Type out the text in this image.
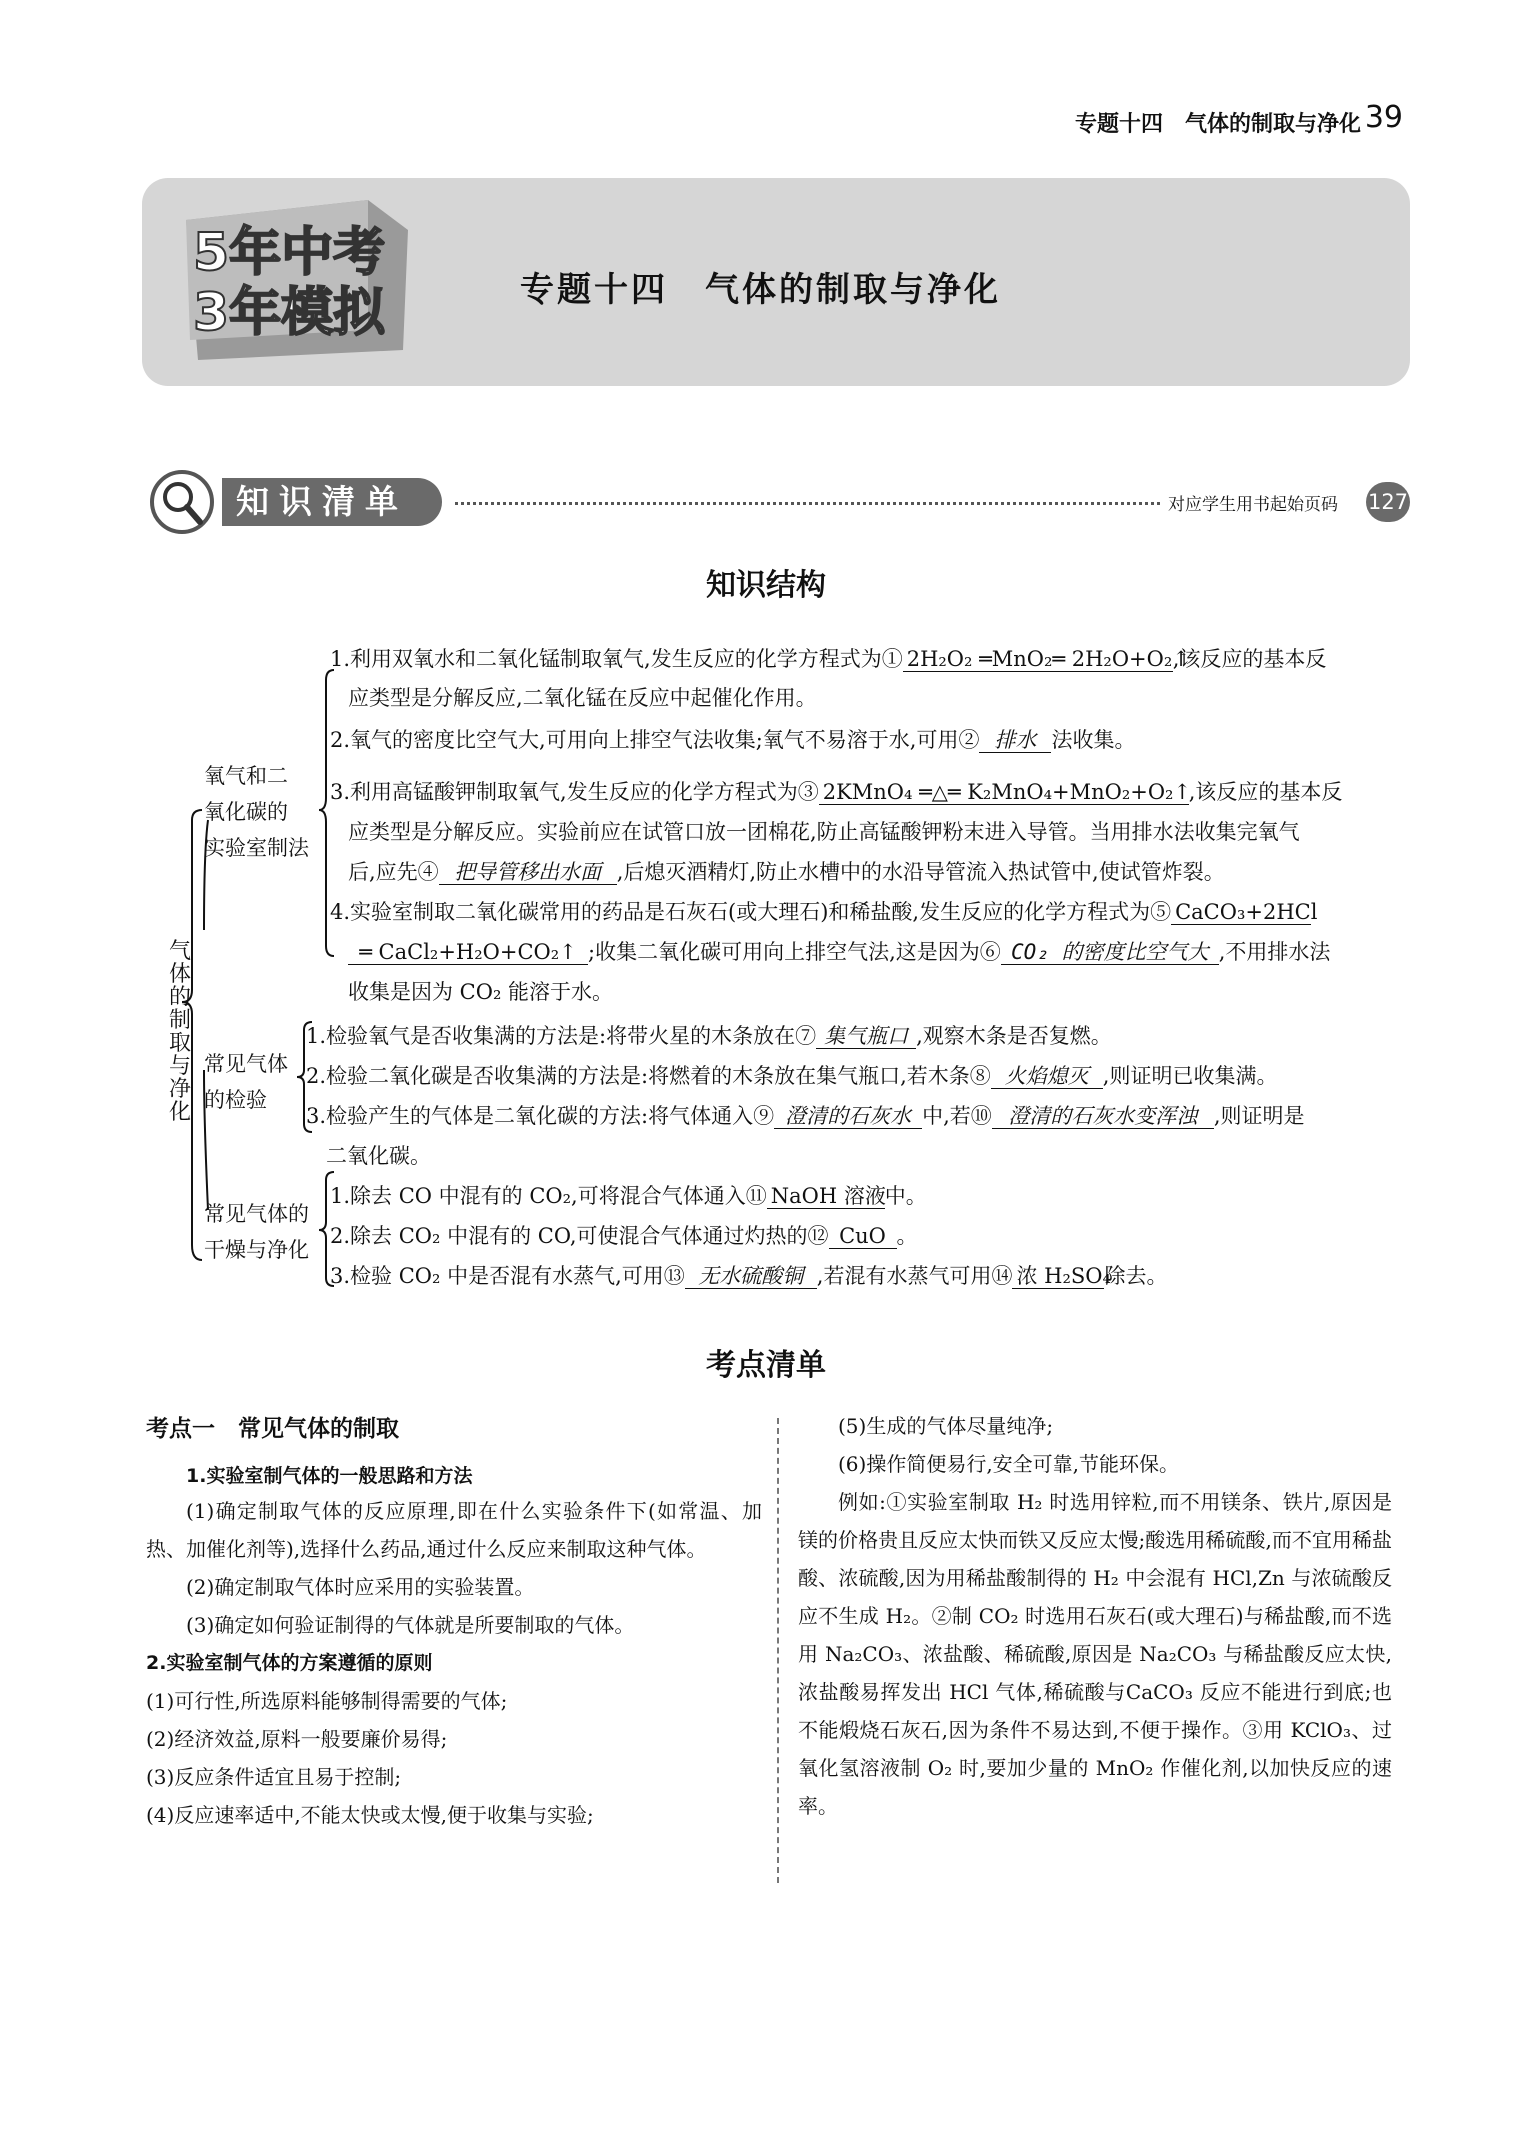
专题十四　气体的制取与净化 39
5年中考
3年模拟	专题十四　气体的制取与净化
知识清单	对应学生用书起始页码 127
知识结构
气体的制取与净化
氧气和二
氧化碳的
实验室制法
常见气体
的检验
常见气体的
干燥与净化
1.利用双氧水和二氧化锰制取氧气,发生反应的化学方程式为① 2H₂O₂ ═MnO₂═ 2H₂O+O₂↑,该反应的基本反
应类型是分解反应,二氧化锰在反应中起催化作用。
2.氧气的密度比空气大,可用向上排空气法收集;氧气不易溶于水,可用② 排水 法收集。
3.利用高锰酸钾制取氧气,发生反应的化学方程式为③ 2KMnO₄ ═△═ K₂MnO₄+MnO₂+O₂↑,该反应的基本反
应类型是分解反应。实验前应在试管口放一团棉花,防止高锰酸钾粉末进入导管。当用排水法收集完氧气
后,应先④ 把导管移出水面 ,后熄灭酒精灯,防止水槽中的水沿导管流入热试管中,使试管炸裂。
4.实验室制取二氧化碳常用的药品是石灰石(或大理石)和稀盐酸,发生反应的化学方程式为⑤ CaCO₃+2HCl
═ CaCl₂+H₂O+CO₂↑ ;收集二氧化碳可用向上排空气法,这是因为⑥ CO₂ 的密度比空气大 ,不用排水法
收集是因为 CO₂ 能溶于水。
1.检验氧气是否收集满的方法是:将带火星的木条放在⑦ 集气瓶口 ,观察木条是否复燃。
2.检验二氧化碳是否收集满的方法是:将燃着的木条放在集气瓶口,若木条⑧ 火焰熄灭 ,则证明已收集满。
3.检验产生的气体是二氧化碳的方法:将气体通入⑨ 澄清的石灰水 中,若⑩ 澄清的石灰水变浑浊 ,则证明是
二氧化碳。
1.除去 CO 中混有的 CO₂,可将混合气体通入⑪ NaOH 溶液中。
2.除去 CO₂ 中混有的 CO,可使混合气体通过灼热的⑫ CuO 。
3.检验 CO₂ 中是否混有水蒸气,可用⑬ 无水硫酸铜 ,若混有水蒸气可用⑭ 浓 H₂SO₄除去。
考点清单
考点一　常见气体的制取
1.实验室制气体的一般思路和方法
(1)确定制取气体的反应原理,即在什么实验条件下(如常温、加热、加催化剂等),选择什么药品,通过什么反应来制取这种气体。
(2)确定制取气体时应采用的实验装置。
(3)确定如何验证制得的气体就是所要制取的气体。
2.实验室制气体的方案遵循的原则
(1)可行性,所选原料能够制得需要的气体;
(2)经济效益,原料一般要廉价易得;
(3)反应条件适宜且易于控制;
(4)反应速率适中,不能太快或太慢,便于收集与实验;
(5)生成的气体尽量纯净;
(6)操作简便易行,安全可靠,节能环保。
例如:①实验室制取 H₂ 时选用锌粒,而不用镁条、铁片,原因是镁的价格贵且反应太快而铁又反应太慢;酸选用稀硫酸,而不宜用稀盐酸、浓硫酸,因为用稀盐酸制得的 H₂ 中会混有 HCl,Zn 与浓硫酸反应不生成 H₂。②制 CO₂ 时选用石灰石(或大理石)与稀盐酸,而不选用 Na₂CO₃、浓盐酸、稀硫酸,原因是 Na₂CO₃ 与稀盐酸反应太快,浓盐酸易挥发出 HCl 气体,稀硫酸与CaCO₃ 反应不能进行到底;也不能煅烧石灰石,因为条件不易达到,不便于操作。③用 KClO₃、过氧化氢溶液制 O₂ 时,要加少量的 MnO₂ 作催化剂,以加快反应的速率。
